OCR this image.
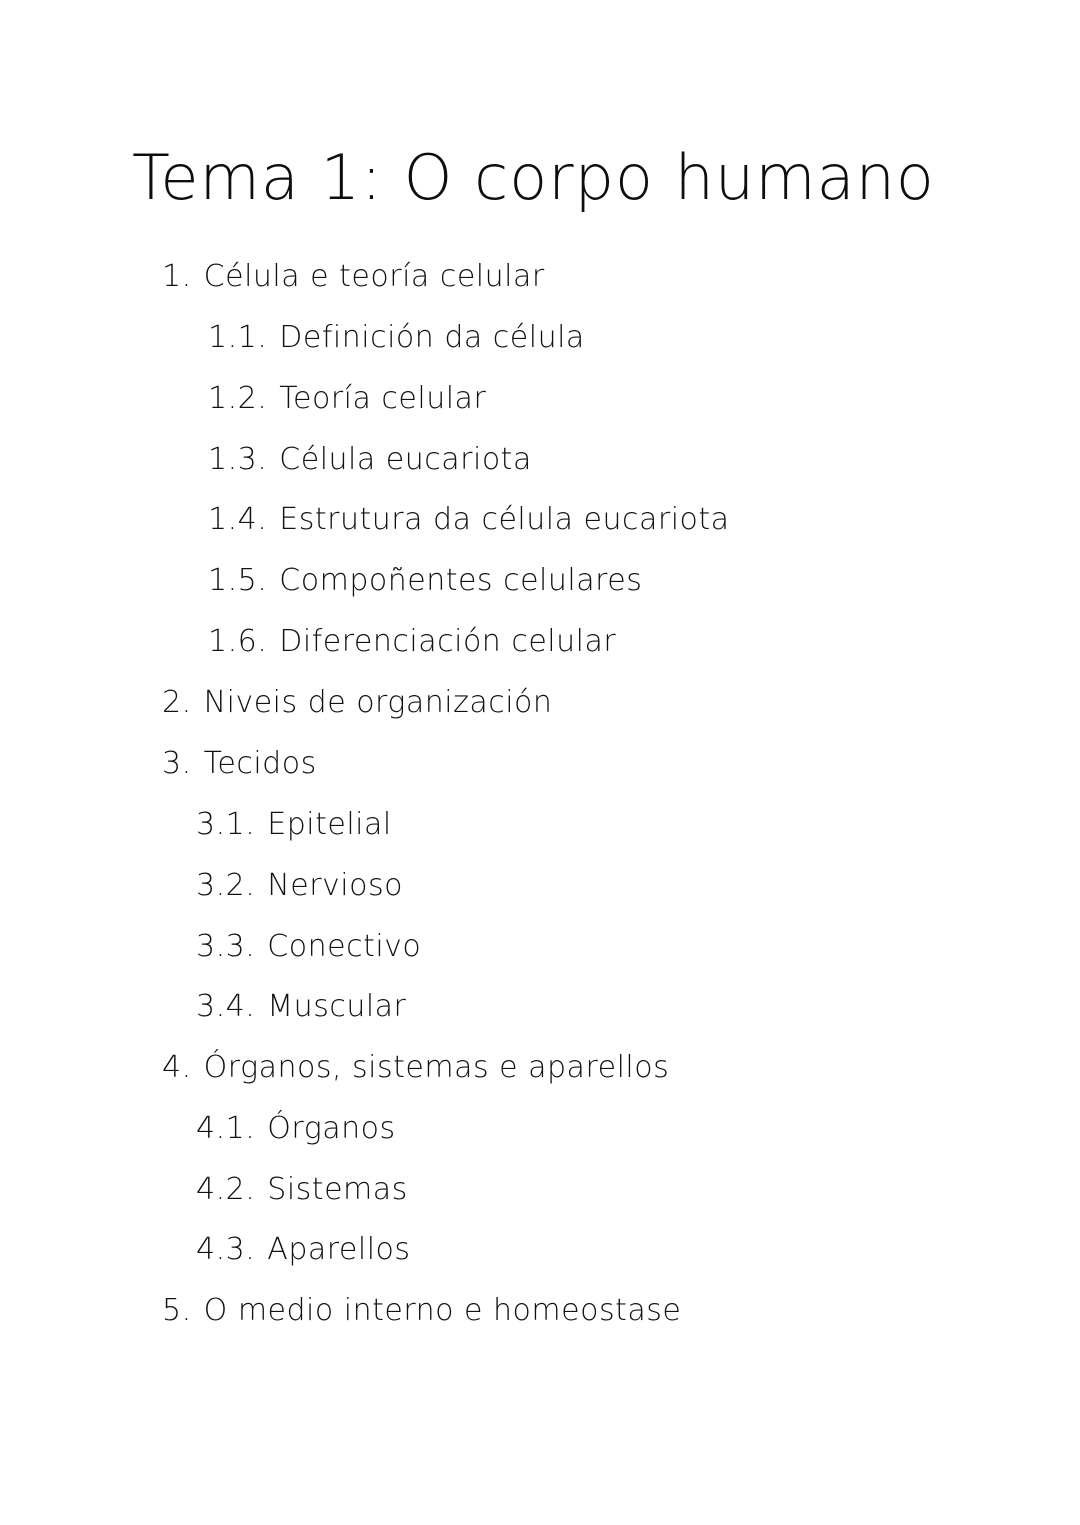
Tema 1: O corpo humano
1. Célula e teoría celular
1.1. Definición da célula
1.2. Teoría celular
1.3. Célula eucariota
1.4. Estrutura da célula eucariota
1.5. Compoñentes celulares
1.6. Diferenciación celular
2. Niveis de organización
3. Tecidos
3.1. Epitelial
3.2. Nervioso
3.3. Conectivo
3.4. Muscular
4. Órganos, sistemas e aparellos
4.1. Órganos
4.2. Sistemas
4.3. Aparellos
5. O medio interno e homeostase
